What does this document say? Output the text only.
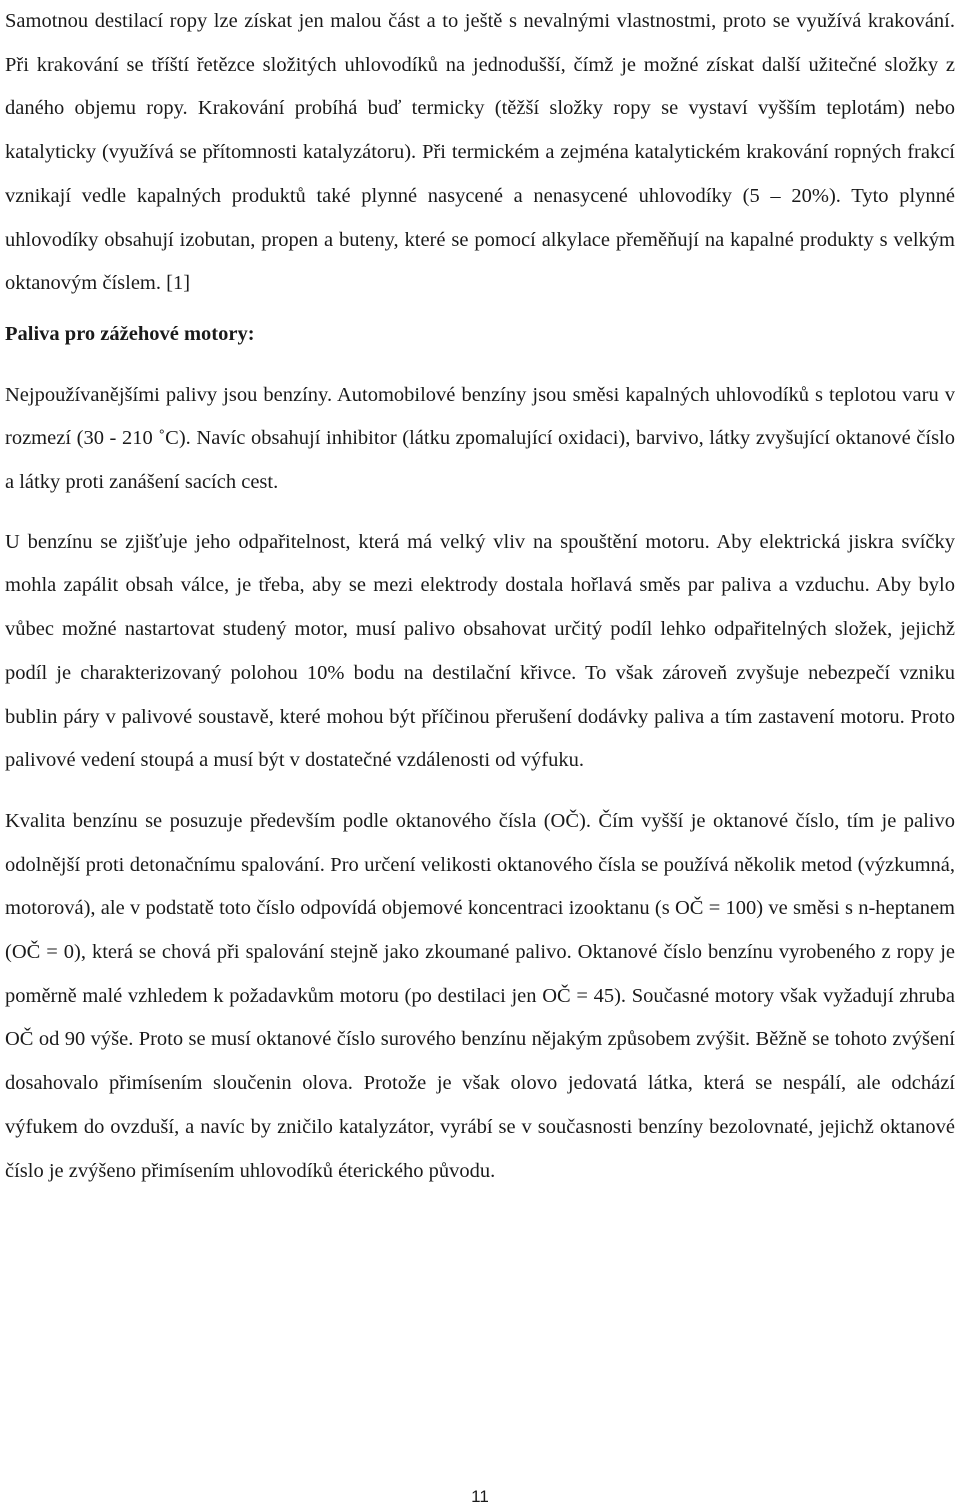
Samotnou destilací ropy lze získat jen malou část a to ještě s nevalnými vlastnostmi, proto se využívá krakování. Při krakování se tříští řetězce složitých uhlovodíků na jednodušší, čímž je možné získat další užitečné složky z daného objemu ropy. Krakování probíhá buď termicky (těžší složky ropy se vystaví vyšším teplotám) nebo katalyticky (využívá se přítomnosti katalyzátoru). Při termickém a zejména katalytickém krakování ropných frakcí vznikají vedle kapalných produktů také plynné nasycené a nenasycené uhlovodíky (5 – 20%). Tyto plynné uhlovodíky obsahují izobutan, propen a buteny, které se pomocí alkylace přeměňují na kapalné produkty s velkým oktanovým číslem. [1]

Paliva pro zážehové motory:

Nejpoužívanějšími palivy jsou benzíny. Automobilové benzíny jsou směsi kapalných uhlovodíků s teplotou varu v rozmezí (30 - 210 ˚C). Navíc obsahují inhibitor (látku zpomalující oxidaci), barvivo, látky zvyšující oktanové číslo a látky proti zanášení sacích cest.

U benzínu se zjišťuje jeho odpařitelnost, která má velký vliv na spouštění motoru. Aby elektrická jiskra svíčky mohla zapálit obsah válce, je třeba, aby se mezi elektrody dostala hořlavá směs par paliva a vzduchu. Aby bylo vůbec možné nastartovat studený motor, musí palivo obsahovat určitý podíl lehko odpařitelných složek, jejichž podíl je charakterizovaný polohou 10% bodu na destilační křivce. To však zároveň zvyšuje nebezpečí vzniku bublin páry v palivové soustavě, které mohou být příčinou přerušení dodávky paliva a tím zastavení motoru. Proto palivové vedení stoupá a musí být v dostatečné vzdálenosti od výfuku.

Kvalita benzínu se posuzuje především podle oktanového čísla (OČ). Čím vyšší je oktanové číslo, tím je palivo odolnější proti detonačnímu spalování. Pro určení velikosti oktanového čísla se používá několik metod (výzkumná, motorová), ale v podstatě toto číslo odpovídá objemové koncentraci izooktanu (s OČ = 100) ve směsi s n-heptanem (OČ = 0), která se chová při spalování stejně jako zkoumané palivo. Oktanové číslo benzínu vyrobeného z ropy je poměrně malé vzhledem k požadavkům motoru (po destilaci jen OČ = 45). Současné motory však vyžadují zhruba OČ od 90 výše. Proto se musí oktanové číslo surového benzínu nějakým způsobem zvýšit. Běžně se tohoto zvýšení dosahovalo přimísením sloučenin olova. Protože je však olovo jedovatá látka, která se nespálí, ale odchází výfukem do ovzduší, a navíc by zničilo katalyzátor, vyrábí se v současnosti benzíny bezolovnaté, jejichž oktanové číslo je zvýšeno přimísením uhlovodíků éterického původu.

11
